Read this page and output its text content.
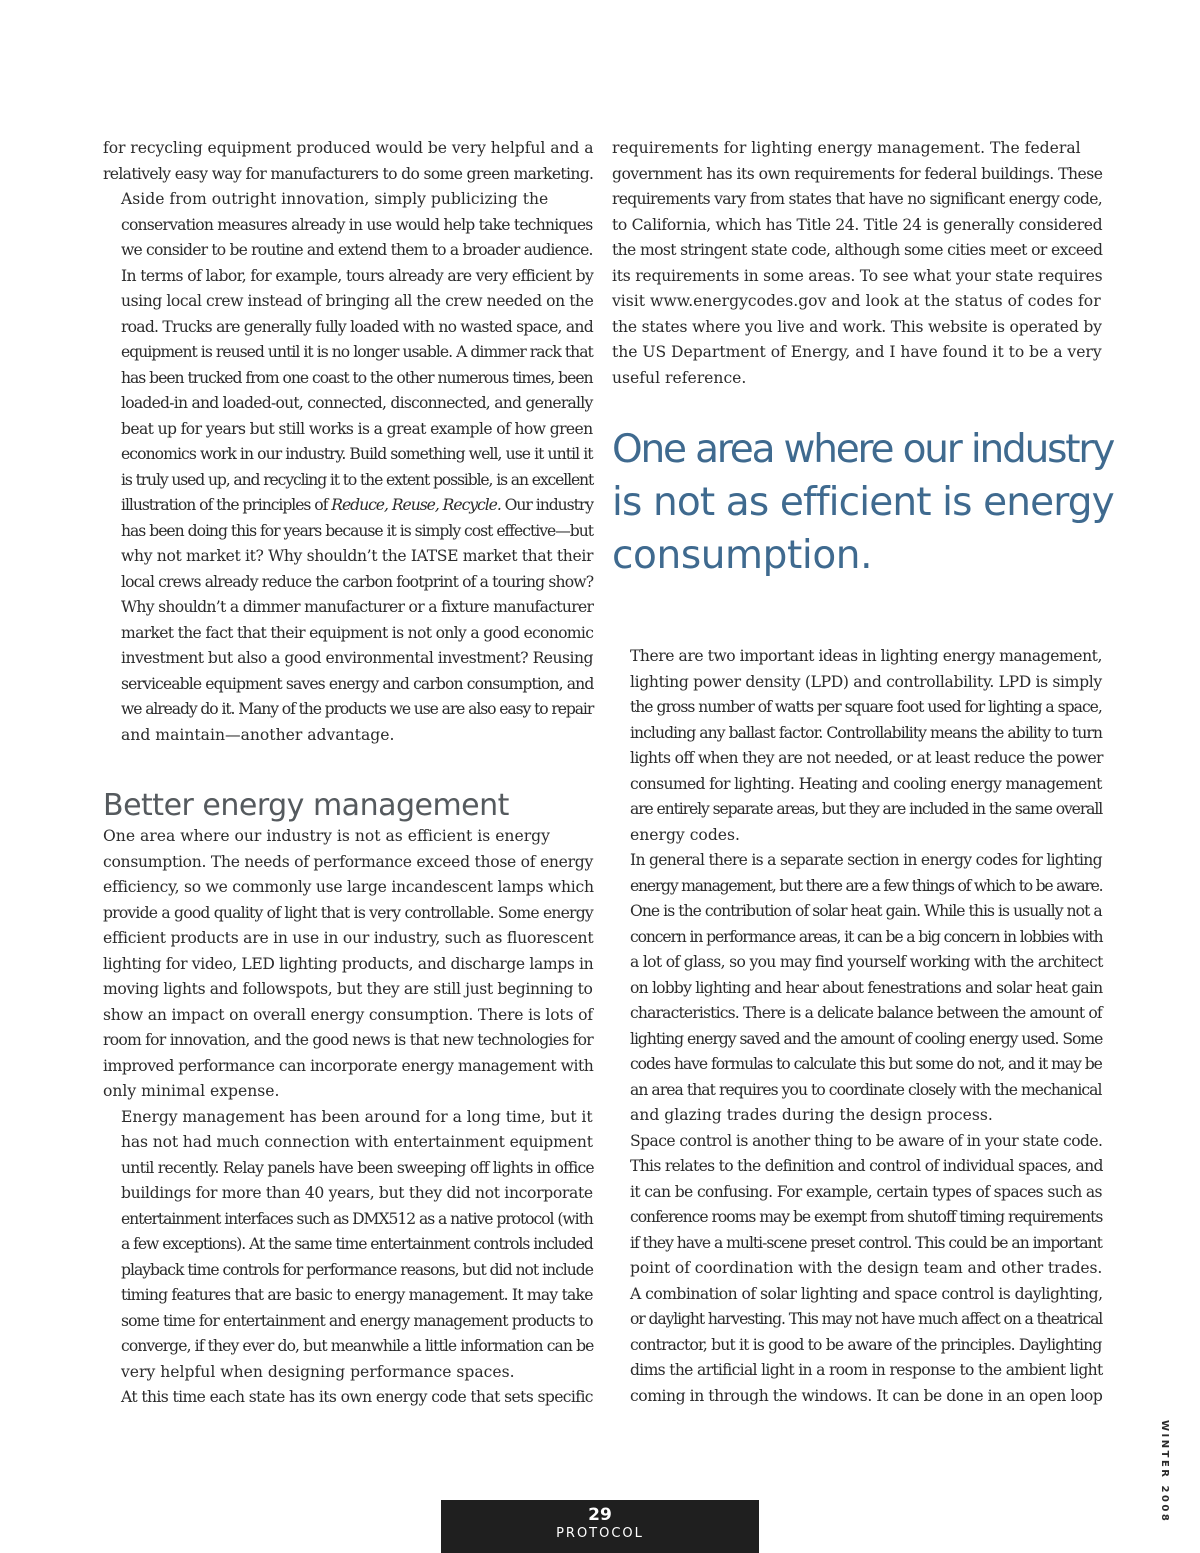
for recycling equipment produced would be very helpful and a
relatively easy way for manufacturers to do some green marketing.

Aside from outright innovation, simply publicizing the
conservation measures already in use would help take techniques
we consider to be routine and extend them to a broader audience.
In terms of labor, for example, tours already are very efficient by
using local crew instead of bringing all the crew needed on the
road. Trucks are generally fully loaded with no wasted space, and
equipment is reused until it is no longer usable. A dimmer rack that
has been trucked from one coast to the other numerous times, been
loaded-in and loaded-out, connected, disconnected, and generally
beat up for years but still works is a great example of how green
economics work in our industry. Build something well, use it until it
is truly used up, and recycling it to the extent possible, is an excellent
illustration of the principles of Reduce, Reuse, Recycle. Our industry
has been doing this for years because it is simply cost effective—but
why not market it? Why shouldn’t the IATSE market that their
local crews already reduce the carbon footprint of a touring show?
Why shouldn’t a dimmer manufacturer or a fixture manufacturer
market the fact that their equipment is not only a good economic
investment but also a good environmental investment? Reusing
serviceable equipment saves energy and carbon consumption, and
we already do it. Many of the products we use are also easy to repair
and maintain—another advantage.

Better energy management

One area where our industry is not as efficient is energy
consumption. The needs of performance exceed those of energy
efficiency, so we commonly use large incandescent lamps which
provide a good quality of light that is very controllable. Some energy
efficient products are in use in our industry, such as fluorescent
lighting for video, LED lighting products, and discharge lamps in
moving lights and followspots, but they are still just beginning to
show an impact on overall energy consumption. There is lots of
room for innovation, and the good news is that new technologies for
improved performance can incorporate energy management with
only minimal expense.

Energy management has been around for a long time, but it
has not had much connection with entertainment equipment
until recently. Relay panels have been sweeping off lights in office
buildings for more than 40 years, but they did not incorporate
entertainment interfaces such as DMX512 as a native protocol (with
a few exceptions). At the same time entertainment controls included
playback time controls for performance reasons, but did not include
timing features that are basic to energy management. It may take
some time for entertainment and energy management products to
converge, if they ever do, but meanwhile a little information can be
very helpful when designing performance spaces.

At this time each state has its own energy code that sets specific

requirements for lighting energy management. The federal
government has its own requirements for federal buildings. These
requirements vary from states that have no significant energy code,
to California, which has Title 24. Title 24 is generally considered
the most stringent state code, although some cities meet or exceed
its requirements in some areas. To see what your state requires
visit www.energycodes.gov and look at the status of codes for
the states where you live and work. This website is operated by
the US Department of Energy, and I have found it to be a very
useful reference.

One area where our industry
is not as efficient is energy
consumption.

There are two important ideas in lighting energy management,
lighting power density (LPD) and controllability. LPD is simply
the gross number of watts per square foot used for lighting a space,
including any ballast factor. Controllability means the ability to turn
lights off when they are not needed, or at least reduce the power
consumed for lighting. Heating and cooling energy management
are entirely separate areas, but they are included in the same overall
energy codes.

In general there is a separate section in energy codes for lighting
energy management, but there are a few things of which to be aware.
One is the contribution of solar heat gain. While this is usually not a
concern in performance areas, it can be a big concern in lobbies with
a lot of glass, so you may find yourself working with the architect
on lobby lighting and hear about fenestrations and solar heat gain
characteristics. There is a delicate balance between the amount of
lighting energy saved and the amount of cooling energy used. Some
codes have formulas to calculate this but some do not, and it may be
an area that requires you to coordinate closely with the mechanical
and glazing trades during the design process.

Space control is another thing to be aware of in your state code.
This relates to the definition and control of individual spaces, and
it can be confusing. For example, certain types of spaces such as
conference rooms may be exempt from shutoff timing requirements
if they have a multi-scene preset control. This could be an important
point of coordination with the design team and other trades.

A combination of solar lighting and space control is daylighting,
or daylight harvesting. This may not have much affect on a theatrical
contractor, but it is good to be aware of the principles. Daylighting
dims the artificial light in a room in response to the ambient light
coming in through the windows. It can be done in an open loop

WINTER 2008
29
PROTOCOL
